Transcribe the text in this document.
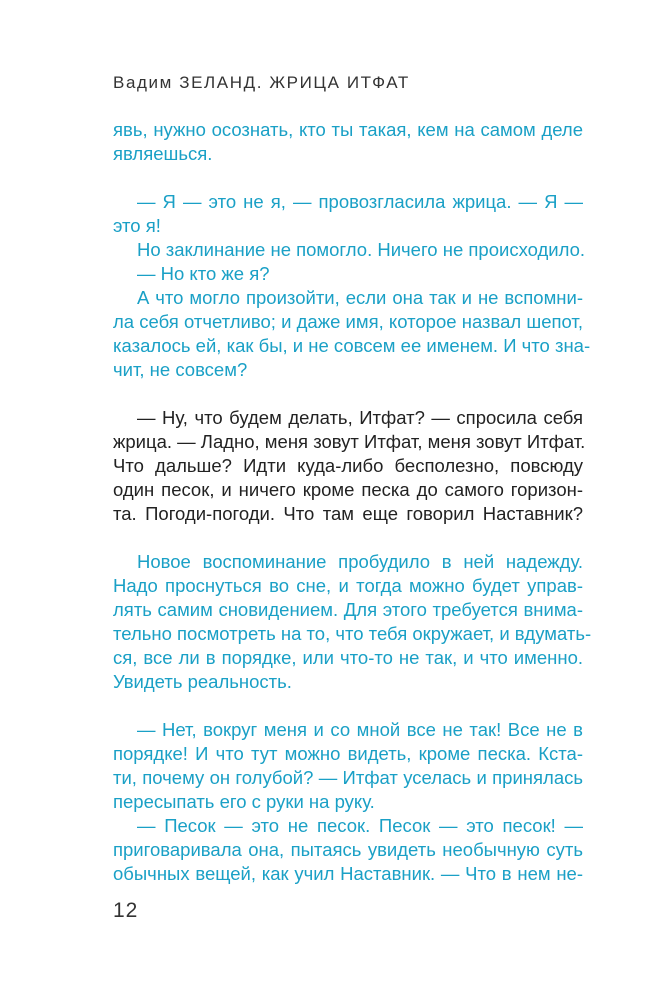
Вадим ЗЕЛАНД. ЖРИЦА ИТФАТ
явь, нужно осознать, кто ты такая, кем на самом деле
являешься.
— Я — это не я, — провозгласила жрица. — Я —
это я!
Но заклинание не помогло. Ничего не происходило.
— Но кто же я?
А что могло произойти, если она так и не вспомни-
ла себя отчетливо; и даже имя, которое назвал шепот,
казалось ей, как бы, и не совсем ее именем. И что зна-
чит, не совсем?
— Ну, что будем делать, Итфат? — спросила себя
жрица. — Ладно, меня зовут Итфат, меня зовут Итфат.
Что дальше? Идти куда-либо бесполезно, повсюду
один песок, и ничего кроме песка до самого горизон-
та. Погоди-погоди. Что там еще говорил Наставник?
Новое воспоминание пробудило в ней надежду.
Надо проснуться во сне, и тогда можно будет управ-
лять самим сновидением. Для этого требуется внима-
тельно посмотреть на то, что тебя окружает, и вдумать-
ся, все ли в порядке, или что-то не так, и что именно.
Увидеть реальность.
— Нет, вокруг меня и со мной все не так! Все не в
порядке! И что тут можно видеть, кроме песка. Кста-
ти, почему он голубой? — Итфат уселась и принялась
пересыпать его с руки на руку.
— Песок — это не песок. Песок — это песок! —
приговаривала она, пытаясь увидеть необычную суть
обычных вещей, как учил Наставник. — Что в нем не-
12
